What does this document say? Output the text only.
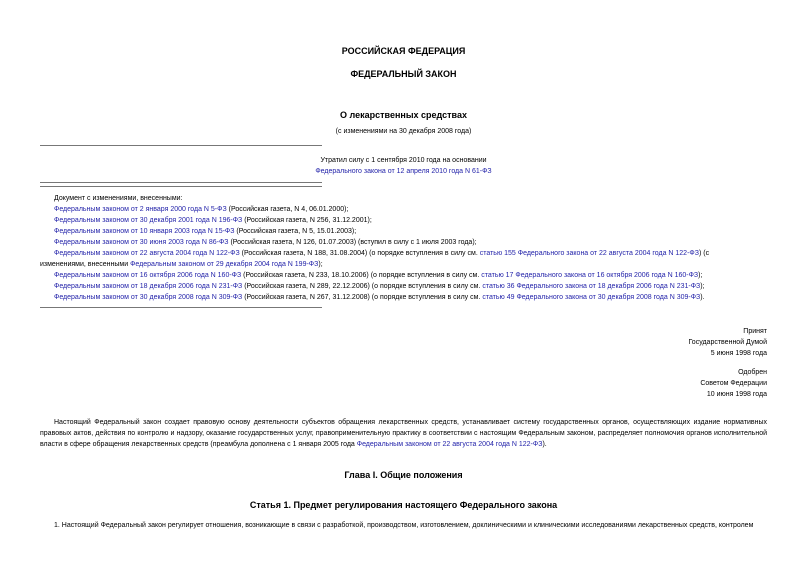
РОССИЙСКАЯ ФЕДЕРАЦИЯ
ФЕДЕРАЛЬНЫЙ ЗАКОН
О лекарственных средствах
(с изменениями на 30 декабря 2008 года)
Утратил силу с 1 сентября 2010 года на основании
Федерального закона от 12 апреля 2010 года N 61-ФЗ
Документ с изменениями, внесенными:
Федеральным законом от 2 января 2000 года N 5-ФЗ (Российская газета, N 4, 06.01.2000);
Федеральным законом от 30 декабря 2001 года N 196-ФЗ (Российская газета, N 256, 31.12.2001);
Федеральным законом от 10 января 2003 года N 15-ФЗ (Российская газета, N 5, 15.01.2003);
Федеральным законом от 30 июня 2003 года N 86-ФЗ (Российская газета, N 126, 01.07.2003) (вступил в силу с 1 июля 2003 года);
Федеральным законом от 22 августа 2004 года N 122-ФЗ (Российская газета, N 188, 31.08.2004) (о порядке вступления в силу см. статью 155 Федерального закона от 22 августа 2004 года N 122-ФЗ) (с
изменениями, внесенными Федеральным законом от 29 декабря 2004 года N 199-ФЗ);
Федеральным законом от 16 октября 2006 года N 160-ФЗ (Российская газета, N 233, 18.10.2006) (о порядке вступления в силу см. статью 17 Федерального закона от 16 октября 2006 года N 160-ФЗ);
Федеральным законом от 18 декабря 2006 года N 231-ФЗ (Российская газета, N 289, 22.12.2006) (о порядке вступления в силу см. статью 36 Федерального закона от 18 декабря 2006 года N 231-ФЗ);
Федеральным законом от 30 декабря 2008 года N 309-ФЗ (Российская газета, N 267, 31.12.2008) (о порядке вступления в силу см. статью 49 Федерального закона от 30 декабря 2008 года N 309-ФЗ).
Принят
Государственной Думой
5 июня 1998 года
Одобрен
Советом Федерации
10 июня 1998 года
Настоящий Федеральный закон создает правовую основу деятельности субъектов обращения лекарственных средств, устанавливает систему государственных органов, осуществляющих издание нормативных правовых актов, действия по контролю и надзору, оказание государственных услуг, правоприменительную практику в соответствии с настоящим Федеральным законом, распределяет полномочия органов исполнительной власти в сфере обращения лекарственных средств (преамбула дополнена с 1 января 2005 года Федеральным законом от 22 августа 2004 года N 122-ФЗ).
Глава I. Общие положения
Статья 1. Предмет регулирования настоящего Федерального закона
1. Настоящий Федеральный закон регулирует отношения, возникающие в связи с разработкой, производством, изготовлением, доклиническими и клиническими исследованиями лекарственных средств, контролем
